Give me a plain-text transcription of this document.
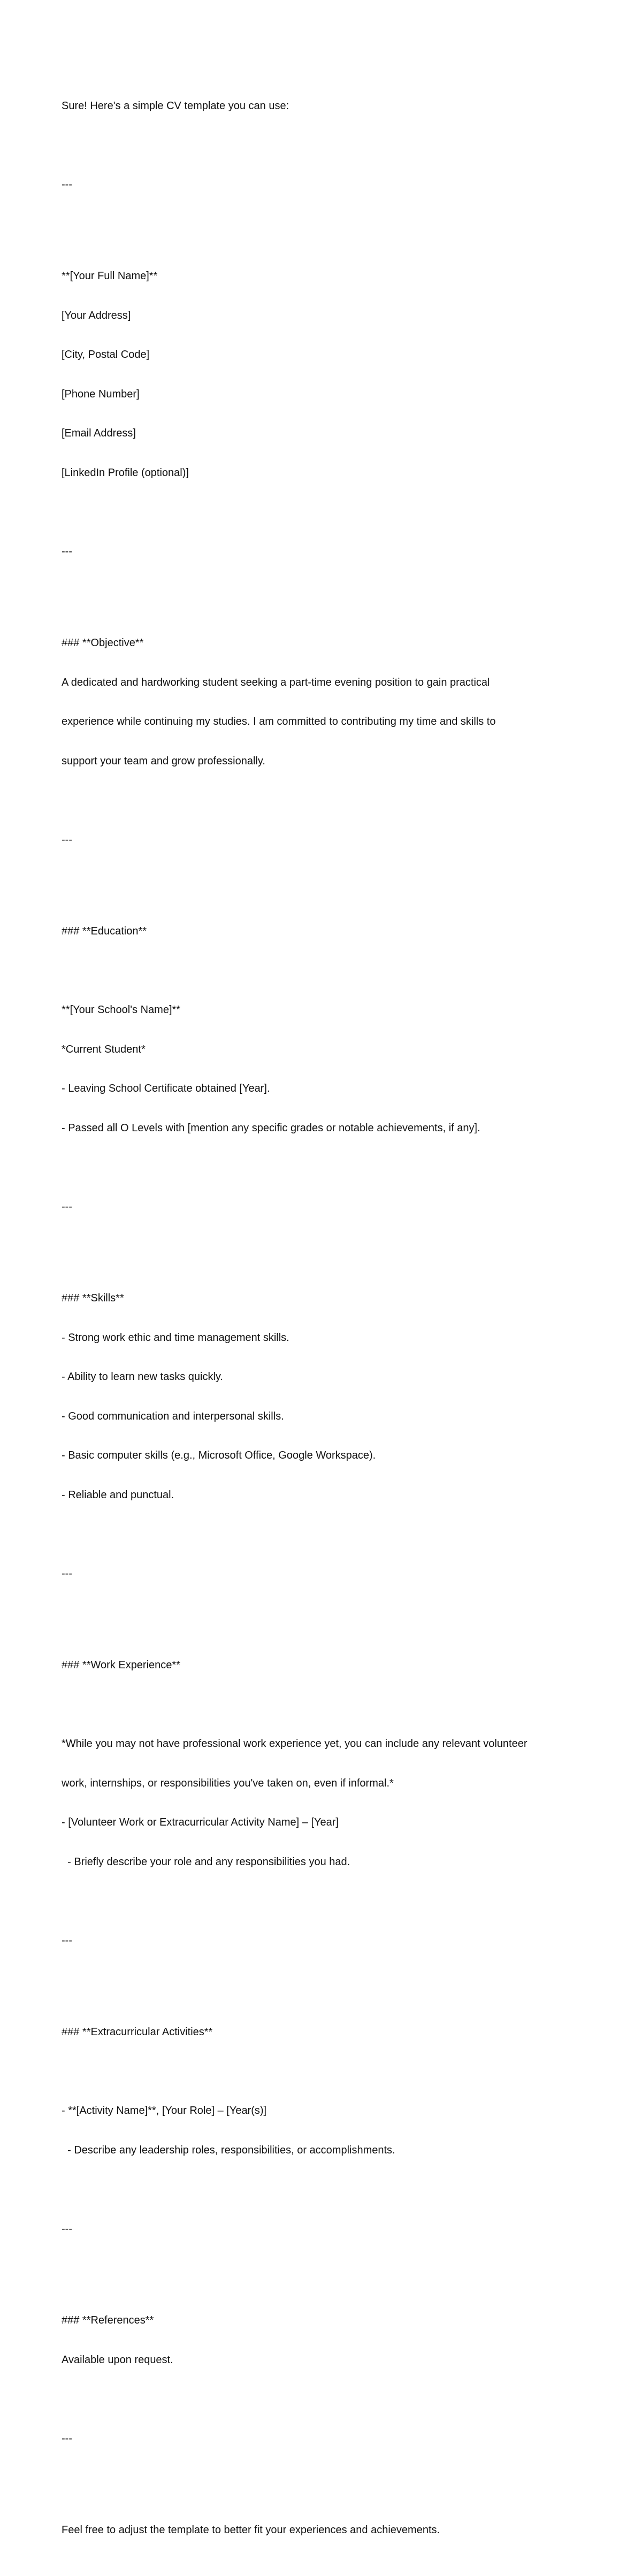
Sure! Here's a simple CV template you can use:

---

**[Your Full Name]**

[Your Address]

[City, Postal Code]

[Phone Number]

[Email Address]

[LinkedIn Profile (optional)]

---

### **Objective**

A dedicated and hardworking student seeking a part-time evening position to gain practical

experience while continuing my studies. I am committed to contributing my time and skills to

support your team and grow professionally.

---

### **Education**

**[Your School's Name]**

*Current Student*

- Leaving School Certificate obtained [Year].

- Passed all O Levels with [mention any specific grades or notable achievements, if any].

---

### **Skills**

- Strong work ethic and time management skills.

- Ability to learn new tasks quickly.

- Good communication and interpersonal skills.

- Basic computer skills (e.g., Microsoft Office, Google Workspace).

- Reliable and punctual.

---

### **Work Experience**

*While you may not have professional work experience yet, you can include any relevant volunteer

work, internships, or responsibilities you've taken on, even if informal.*

- [Volunteer Work or Extracurricular Activity Name] – [Year]

- Briefly describe your role and any responsibilities you had.

---

### **Extracurricular Activities**

- **[Activity Name]**, [Your Role] – [Year(s)]

- Describe any leadership roles, responsibilities, or accomplishments.

---

### **References**

Available upon request.

---

Feel free to adjust the template to better fit your experiences and achievements.
